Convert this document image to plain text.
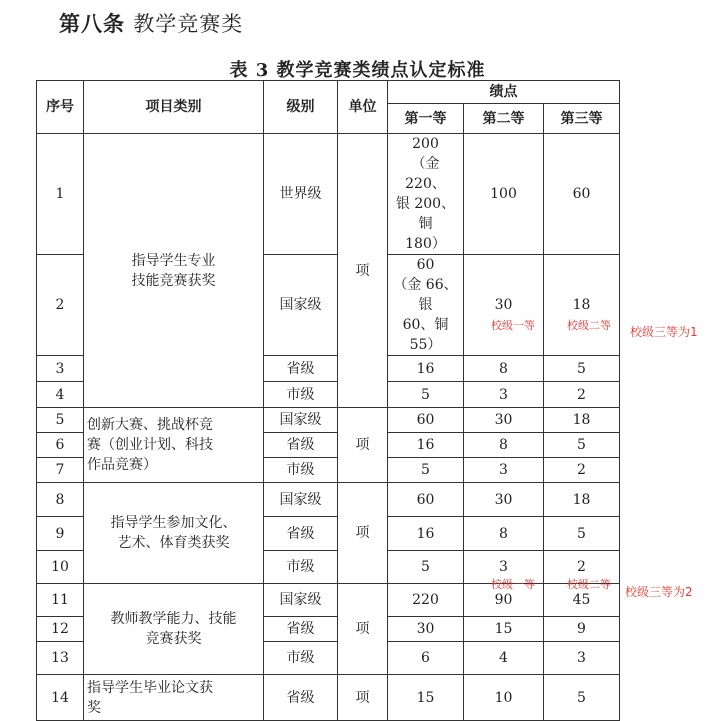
第八条 教学竞赛类
表 3 教学竞赛类绩点认定标准
序号	项目类别	级别	单位	绩点		
				第一等	第二等	第三等
1	指导学生专业
技能竞赛获奖	世界级	项	200
（金 220、
银 200、铜
180）	100	60
2		国家级		60
（金 66、银
60、铜 55）	30	18
3		省级		16	8	5
4		市级		5	3	2
5	创新大赛、挑战杯竞
赛（创业计划、科技
作品竞赛）	国家级	项	60	30	18
6		省级		16	8	5
7		市级		5	3	2
8	指导学生参加文化、
艺术、体育类获奖	国家级	项	60	30	18
9		省级		16	8	5
10		市级		5	3	2
11	教师教学能力、技能
竞赛获奖	国家级	项	220	90	45
12		省级		30	15	9
13		市级		6	4	3
14	指导学生毕业论文获
奖	省级	项	15	10	5
校级一等	校级二等 校级三等为1
校级一等	校级二等
校级三等为2
